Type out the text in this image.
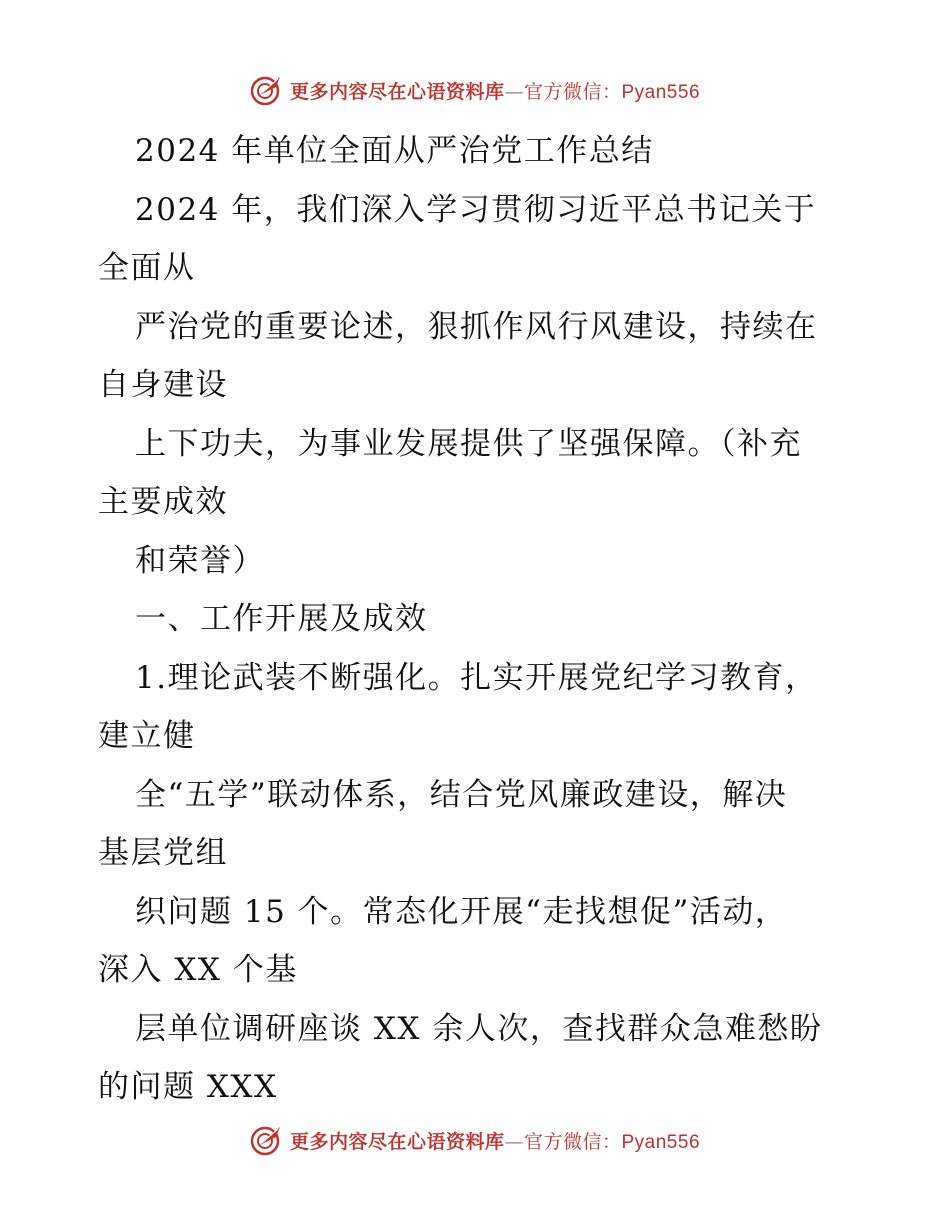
更多内容尽在心语资料库—官方微信：Pyan556
2024 年单位全面从严治党工作总结
2024 年，我们深入学习贯彻习近平总书记关于
全面从
严治党的重要论述，狠抓作风行风建设，持续在
自身建设
上下功夫，为事业发展提供了坚强保障。（补充
主要成效
和荣誉）
一、工作开展及成效
1.理论武装不断强化。扎实开展党纪学习教育，
建立健
全“五学”联动体系，结合党风廉政建设，解决
基层党组
织问题 15 个。常态化开展“走找想促”活动，
深入 XX 个基
层单位调研座谈 XX 余人次，查找群众急难愁盼
的问题 XXX
更多内容尽在心语资料库—官方微信：Pyan556
